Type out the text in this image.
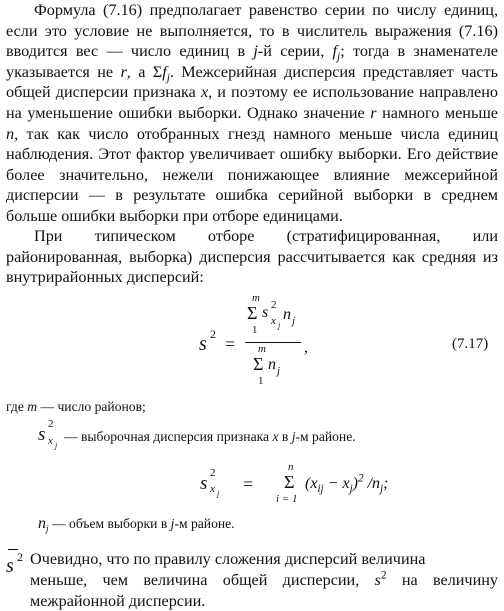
Формула (7.16) предполагает равенство серии по числу единиц, если это условие не выполняется, то в числитель выражения (7.16) вводится вес — число единиц в j-й серии, $f_j$; тогда в знаменателе указывается не r, а $\Sigma f_j$. Межсерийная дисперсия представляет часть общей дисперсии признака x, и поэтому ее использование направлено на уменьшение ошибки выборки. Однако значение r намного меньше n, так как число отобранных гнезд намного меньше числа единиц наблюдения. Этот фактор увеличивает ошибку выборки. Его действие более значительно, нежели понижающее влияние межсерийной дисперсии — в результате ошибка серийной выборки в среднем больше ошибки выборки при отборе единицами.

При типическом отборе (стратифицированная, или районированная, выборка) дисперсия рассчитывается как средняя из внутрирайонных дисперсий:

s 2 =
m
Σ s 2
x j
n j
1
m
Σ n j
1
,	(7.17)
где m — число районов;
s 2
x j
— выборочная дисперсия признака x в j-м районе.
s 2
x j =
n
Σ
i = 1
$(x_{ij} - x_j)^2$ $/n_j$;
$n_j$ — объем выборки в j-м районе.
s 2 Очевидно, что по правилу сложения дисперсий величина

меньше, чем величина общей дисперсии, $s^2$ на величину межрайонной дисперсии.
